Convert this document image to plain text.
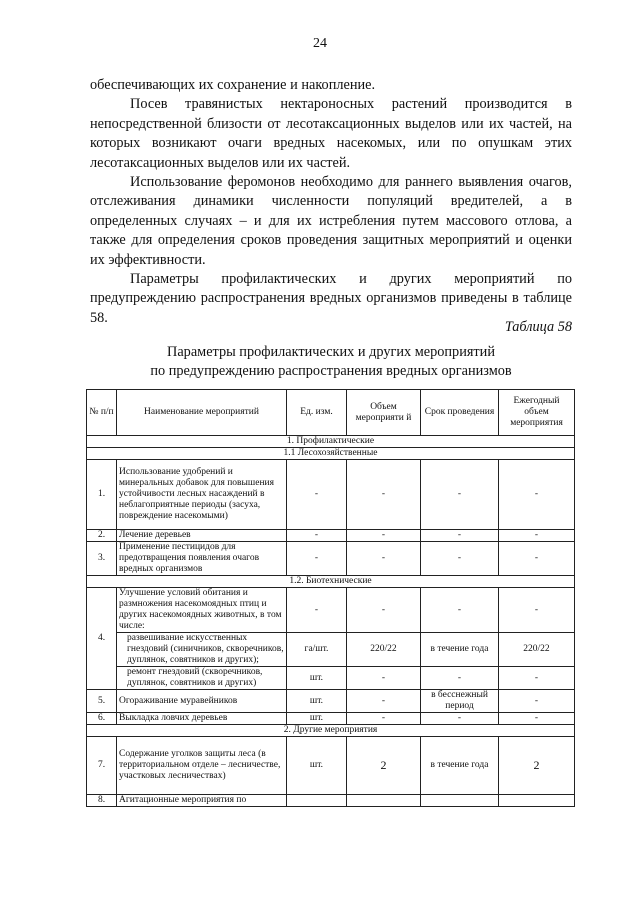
24

обеспечивающих их сохранение и накопление.

Посев травянистых нектароносных растений производится в непосредственной близости от лесотаксационных выделов или их частей, на которых возникают очаги вредных насекомых, или по опушкам этих лесотаксационных выделов или их частей.

Использование феромонов необходимо для раннего выявления очагов, отслеживания динамики численности популяций вредителей, а в определенных случаях – и для их истребления путем массового отлова, а также для определения сроков проведения защитных мероприятий и оценки их эффективности.

Параметры профилактических и других мероприятий по предупреждению распространения вредных организмов приведены в таблице 58.

Таблица 58
Параметры профилактических и других мероприятий
по предупреждению распространения вредных организмов
№ п/п	Наименование мероприятий	Ед. изм.	Объем мероприяти й	Срок проведения	Ежегодный объем мероприятия
1. Профилактические					
1.1 Лесохозяйственные					
1.	Использование удобрений и минеральных добавок для повышения устойчивости лесных насаждений в неблагоприятные периоды (засуха, повреждение насекомыми)	-	-	-	-
2.	Лечение деревьев	-	-	-	-
3.	Применение пестицидов для предотвращения появления очагов вредных организмов	-	-	-	-
1.2. Биотехнические					
4.	Улучшение условий обитания и размножения насекомоядных птиц и других насекомоядных животных, в том числе:	-	-	-	-
	развешивание искусственных гнездовий (синичников, скворечников, дуплянок, совятников и других);	га/шт.	220/22	в течение года	220/22
	ремонт гнездовий (скворечников, дуплянок, совятников и других)	шт.	-	-	-
5.	Огораживание муравейников	шт.	-	в бесснежный период	-
6.	Выкладка ловчих деревьев	шт.	-	-	-
2. Другие мероприятия					
7.	Содержание уголков защиты леса (в территориальном отделе – лесничестве, участковых лесничествах)	шт.	2	в течение года	2
8.	Агитационные мероприятия по				
